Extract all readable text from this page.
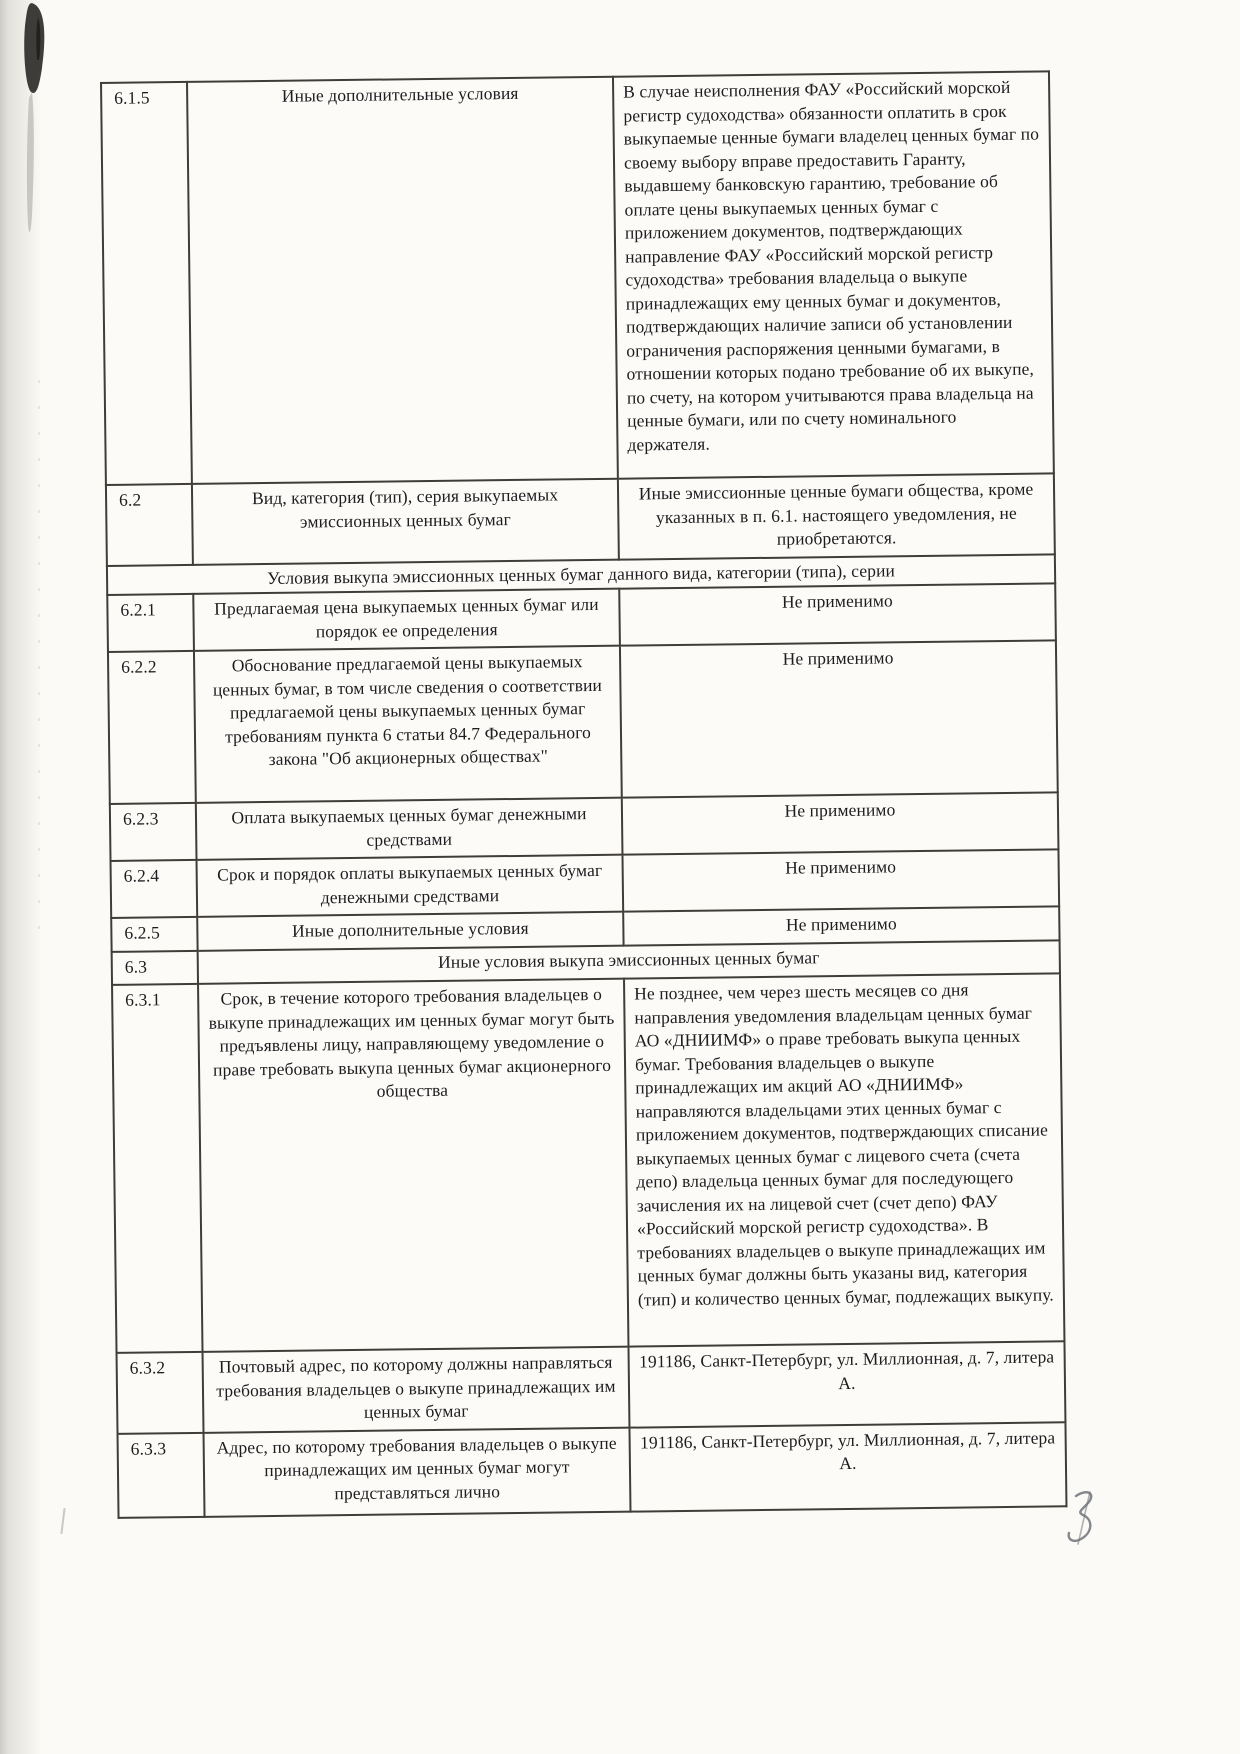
6.1.5	Иные дополнительные условия	В случае неисполнения ФАУ «Российский морской регистр судоходства» обязанности оплатить в срок выкупаемые ценные бумаги владелец ценных бумаг по своему выбору вправе предоставить Гаранту, выдавшему банковскую гарантию, требование об оплате цены выкупаемых ценных бумаг с приложением документов, подтверждающих направление ФАУ «Российский морской регистр судоходства» требования владельца о выкупе принадлежащих ему ценных бумаг и документов, подтверждающих наличие записи об установлении ограничения распоряжения ценными бумагами, в отношении которых подано требование об их выкупе, по счету, на котором учитываются права владельца на ценные бумаги, или по счету номинального держателя.
6.2	Вид, категория (тип), серия выкупаемых эмиссионных ценных бумаг	Иные эмиссионные ценные бумаги общества, кроме указанных в п. 6.1. настоящего уведомления, не приобретаются.
Условия выкупа эмиссионных ценных бумаг данного вида, категории (типа), серии		
6.2.1	Предлагаемая цена выкупаемых ценных бумаг или порядок ее определения	Не применимо
6.2.2	Обоснование предлагаемой цены выкупаемых ценных бумаг, в том числе сведения о соответствии предлагаемой цены выкупаемых ценных бумаг требованиям пункта 6 статьи 84.7 Федерального закона "Об акционерных обществах"	Не применимо
6.2.3	Оплата выкупаемых ценных бумаг денежными средствами	Не применимо
6.2.4	Срок и порядок оплаты выкупаемых ценных бумаг денежными средствами	Не применимо
6.2.5	Иные дополнительные условия	Не применимо
6.3	Иные условия выкупа эмиссионных ценных бумаг	
6.3.1	Срок, в течение которого требования владельцев о выкупе принадлежащих им ценных бумаг могут быть предъявлены лицу, направляющему уведомление о праве требовать выкупа ценных бумаг акционерного общества	Не позднее, чем через шесть месяцев со дня направления уведомления владельцам ценных бумаг АО «ДНИИМФ» о праве требовать выкупа ценных бумаг. Требования владельцев о выкупе принадлежащих им акций АО «ДНИИМФ» направляются владельцами этих ценных бумаг с приложением документов, подтверждающих списание выкупаемых ценных бумаг с лицевого счета (счета депо) владельца ценных бумаг для последующего зачисления их на лицевой счет (счет депо) ФАУ «Российский морской регистр судоходства». В требованиях владельцев о выкупе принадлежащих им ценных бумаг должны быть указаны вид, категория (тип) и количество ценных бумаг, подлежащих выкупу.
6.3.2	Почтовый адрес, по которому должны направляться требования владельцев о выкупе принадлежащих им ценных бумаг	191186, Санкт-Петербург, ул. Миллионная, д. 7, литера А.
6.3.3	Адрес, по которому требования владельцев о выкупе принадлежащих им ценных бумаг могут представляться лично	191186, Санкт-Петербург, ул. Миллионная, д. 7, литера А.
